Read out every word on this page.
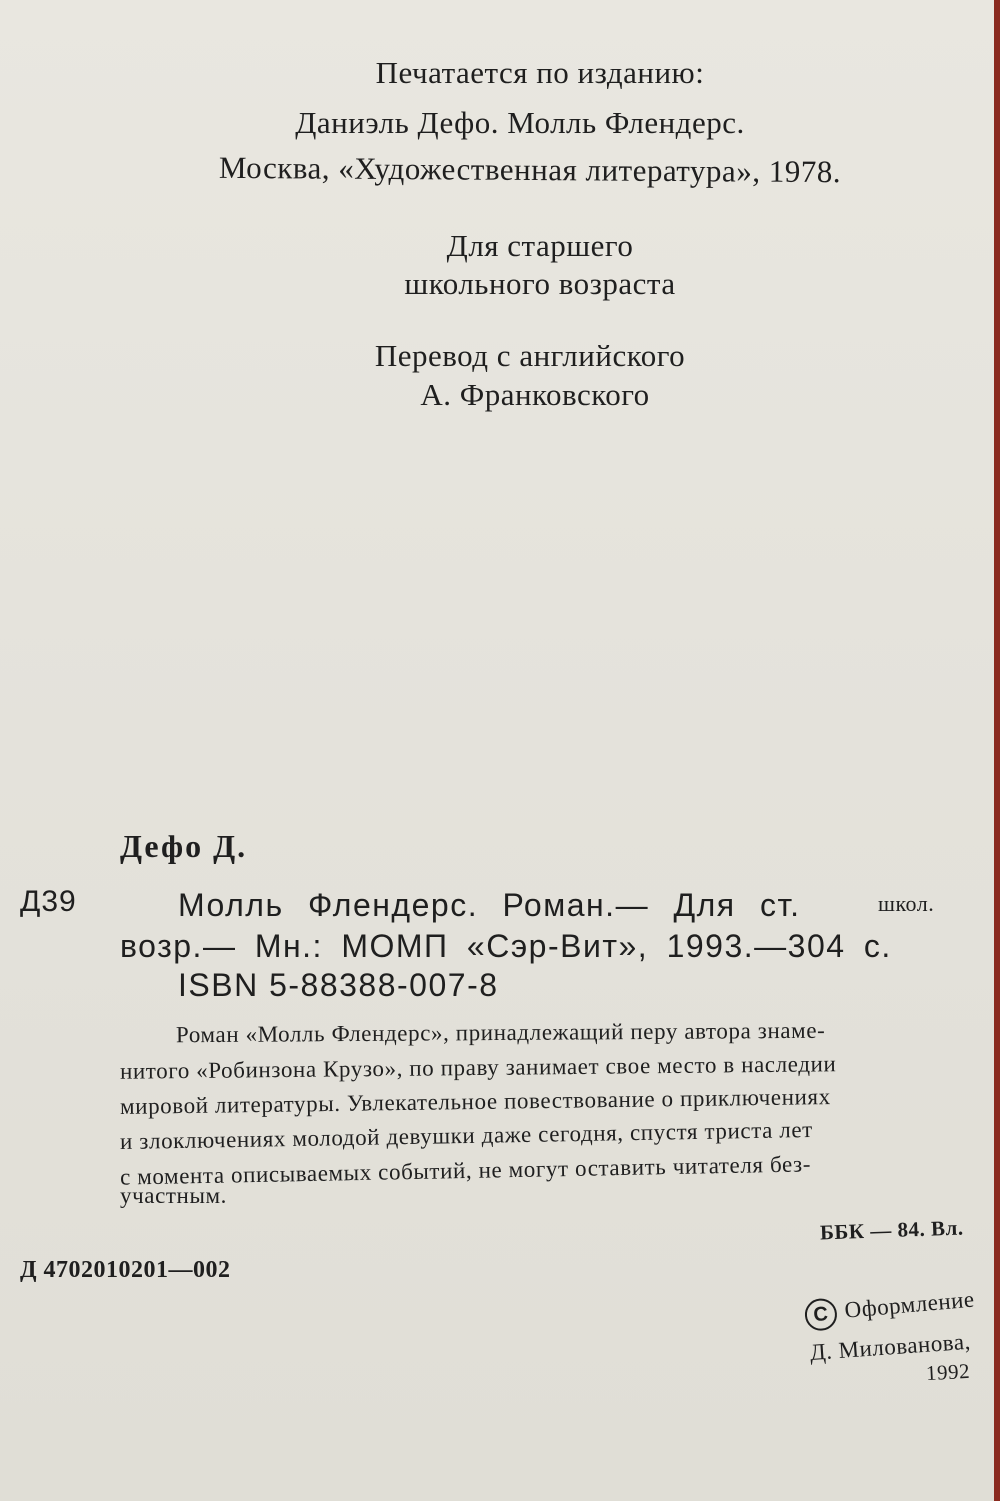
Печатается по изданию:
Даниэль Дефо. Молль Флендерс.
Москва, «Художественная литература», 1978.
Для старшего
школьного возраста
Перевод с английского
А. Франковского
Дефо Д.
Д39	Молль Флендерс. Роман.— Для ст.	школ.
возр.— Мн.: МОМП «Сэр-Вит», 1993.—304 с.
ISBN 5-88388-007-8
Роман «Молль Флендерс», принадлежащий перу автора знаме-
нитого «Робинзона Крузо», по праву занимает свое место в наследии
мировой литературы. Увлекательное повествование о приключениях
и злоключениях молодой девушки даже сегодня, спустя триста лет
с момента описываемых событий, не могут оставить читателя без-
участным.
ББК — 84. Вл.
Д 4702010201—002
С Оформление
Д. Милованова,
1992
